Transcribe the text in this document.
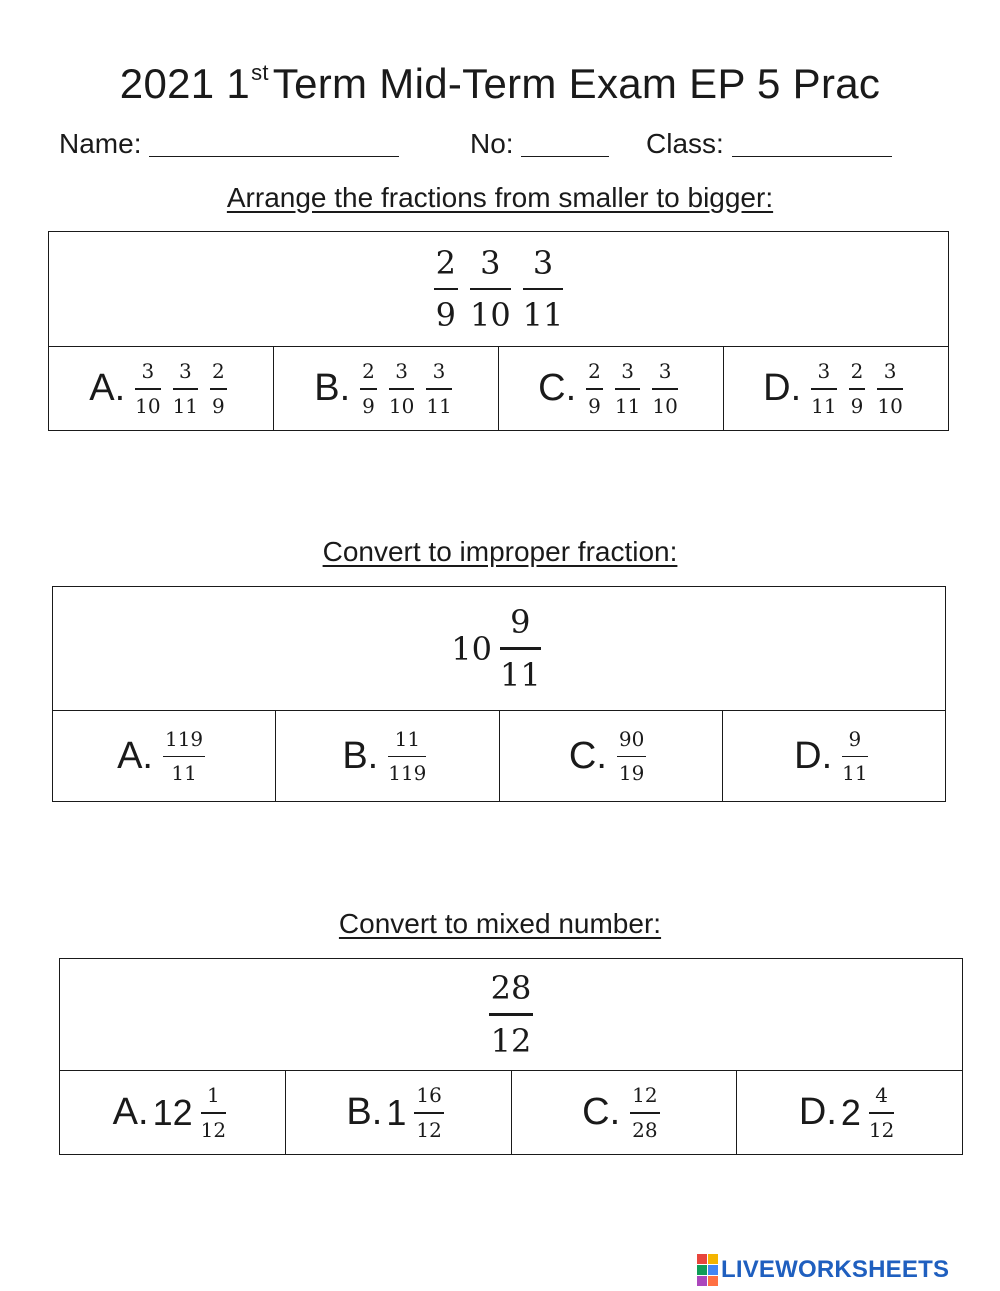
2021 1stTerm Mid-Term Exam EP 5 Prac
Name:	No:	Class:
Arrange the fractions from smaller to bigger:
$\frac{2}{9} \frac{3}{10} \frac{3}{11}$
A. $\frac{3}{10} \frac{3}{11} \frac{2}{9} B$. $\frac{2}{9} \frac{3}{10} \frac{3}{11} C$. $\frac{2}{9} \frac{3}{11} \frac{3}{10} D$. $\frac{3}{11} \frac{2}{9} \frac{3}{10}$
Convert to improper fraction:
$10 \frac{9}{11}$
A. $\frac{119}{11}$	B. $\frac{11}{119}$	C. $\frac{90}{19}$	D. $\frac{9}{11}$
Convert to mixed number:
$\frac{28}{12}$
A. $12 \frac{1}{12}$	B. $1 \frac{16}{12}$	C. $\frac{12}{28}$	D. $2 \frac{4}{12}$
LIVEWORKSHEETS
